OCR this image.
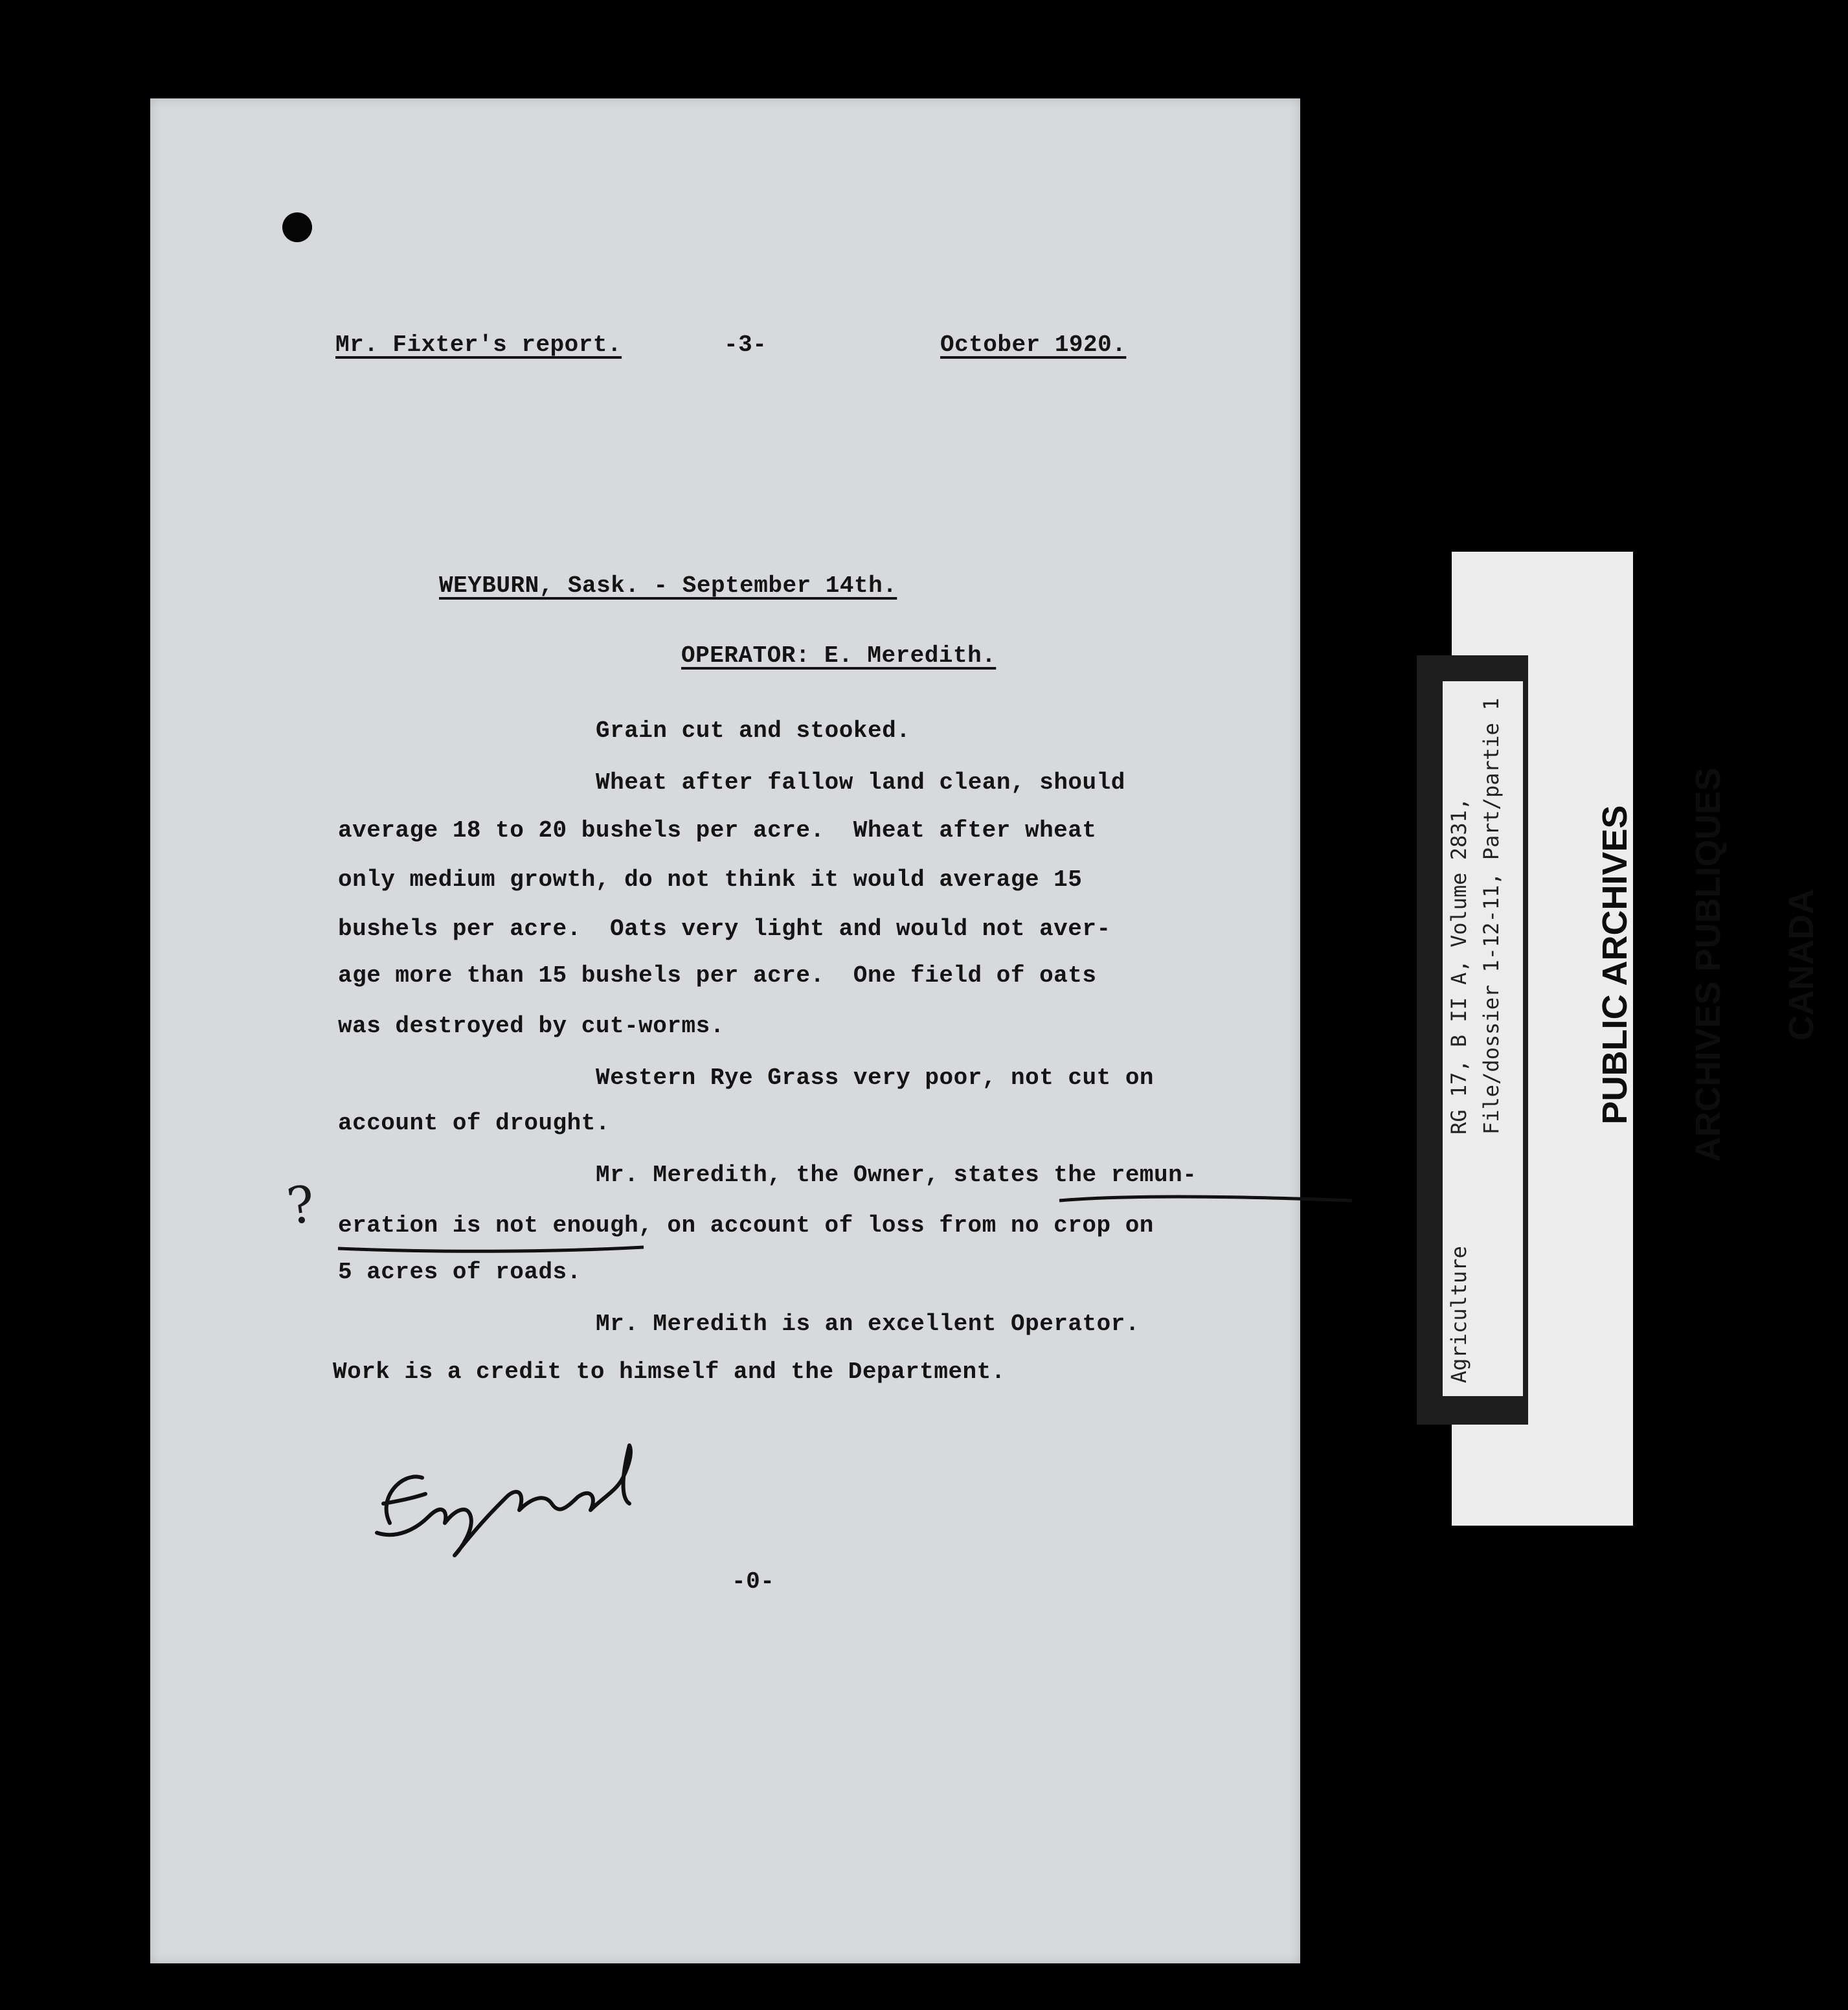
Mr. Fixter's report.	-3-	October 1920.
WEYBURN, Sask. - September 14th.
OPERATOR: E. Meredith.
Grain cut and stooked.
Wheat after fallow land clean, should
average 18 to 20 bushels per acre.  Wheat after wheat
only medium growth, do not think it would average 15
bushels per acre.  Oats very light and would not aver-
age more than 15 bushels per acre.  One field of oats
was destroyed by cut-worms.
Western Rye Grass very poor, not cut on
account of drought.
Mr. Meredith, the Owner, states the remun-
eration is not enough, on account of loss from no crop on
5 acres of roads.
Mr. Meredith is an excellent Operator.
Work is a credit to himself and the Department.
?
-0-
Agriculture
RG 17, B II A, Volume 2831, File/dossier 1-12-11, Part/partie 1

	PUBLIC ARCHIVES

ARCHIVES PUBLIQUES

CANADA
